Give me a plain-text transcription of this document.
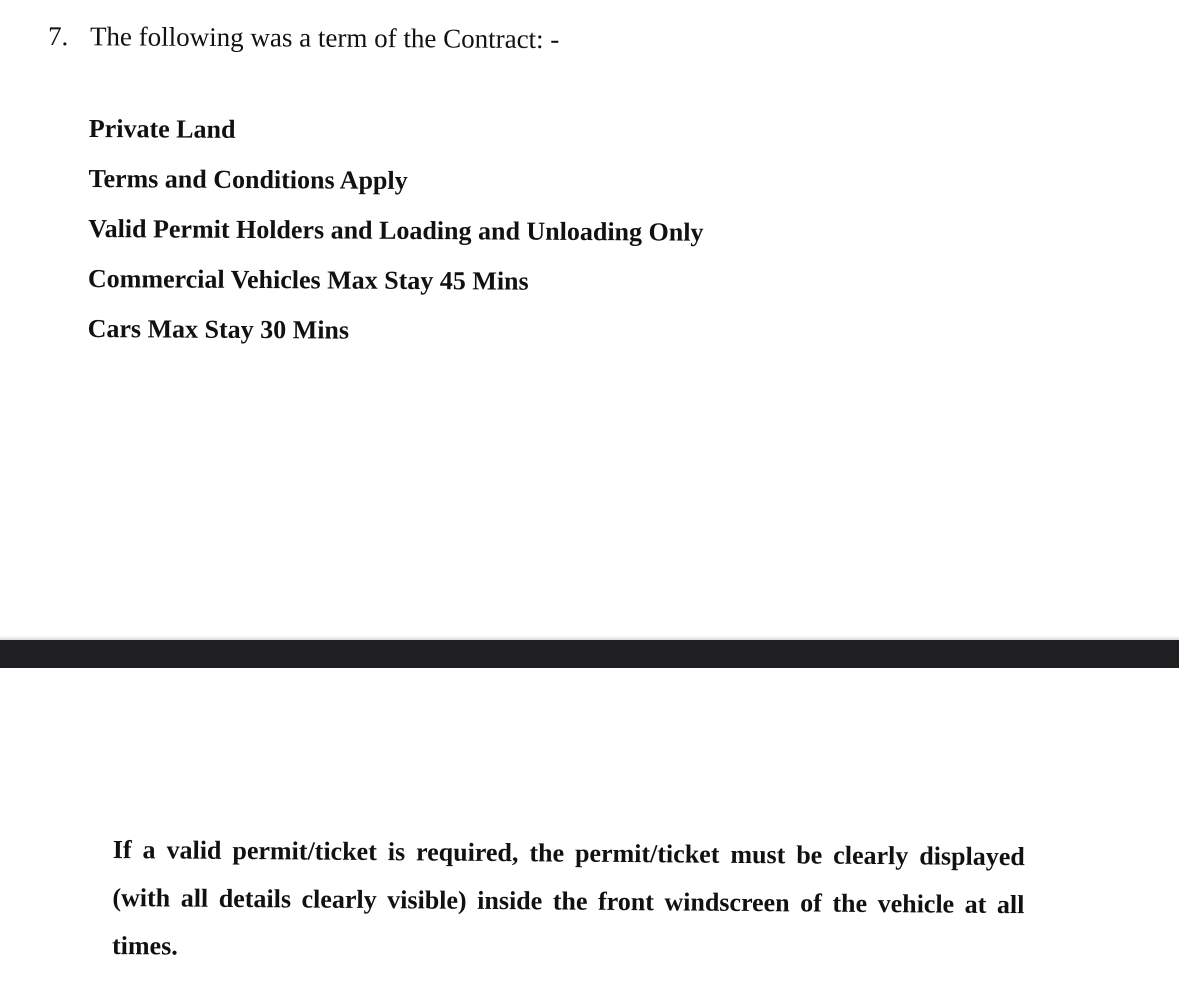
7. The following was a term of the Contract: -
Private Land
Terms and Conditions Apply
Valid Permit Holders and Loading and Unloading Only
Commercial Vehicles Max Stay 45 Mins
Cars Max Stay 30 Mins

If a valid permit/ticket is required, the permit/ticket must be clearly displayed (with all details clearly visible) inside the front windscreen of the vehicle at all times.
